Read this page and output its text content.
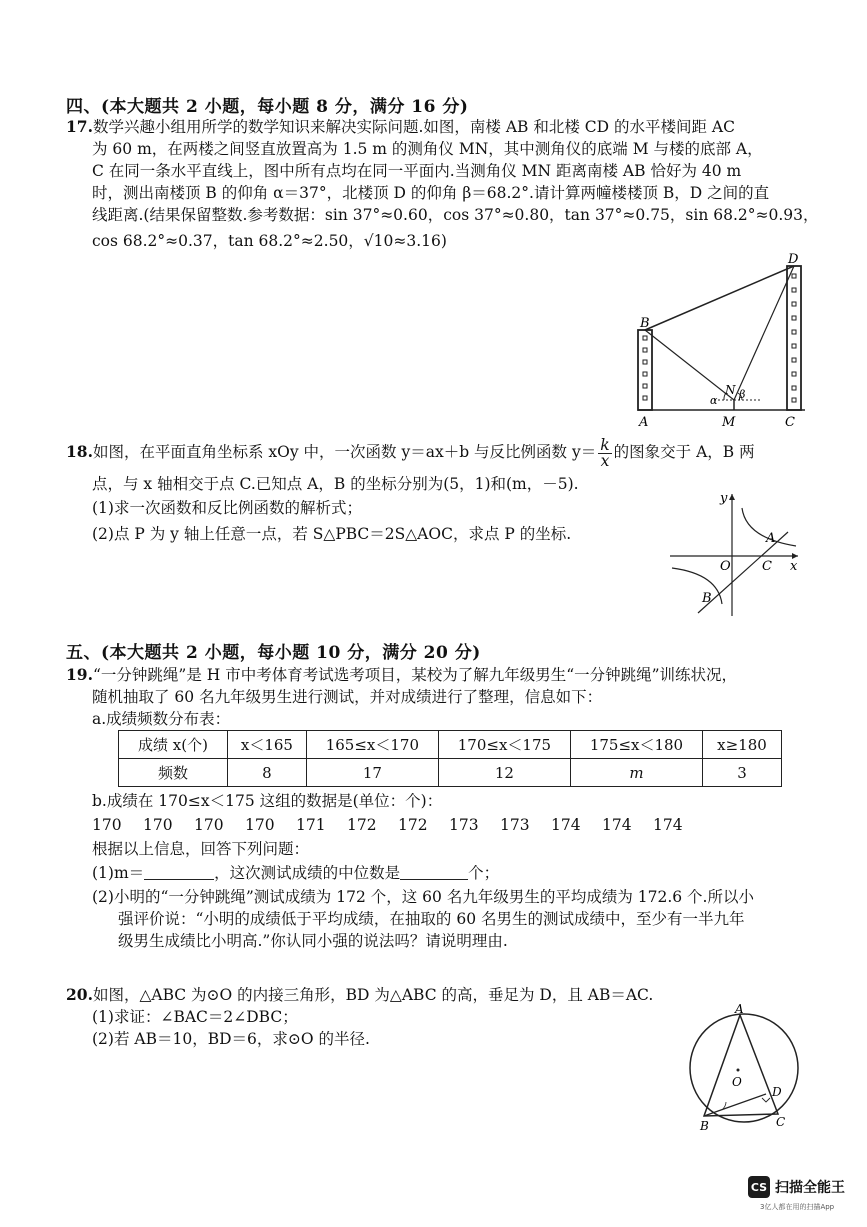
四、(本大题共 2 小题，每小题 8 分，满分 16 分)
17.数学兴趣小组用所学的数学知识来解决实际问题.如图，南楼 AB 和北楼 CD 的水平楼间距 AC
为 60 m，在两楼之间竖直放置高为 1.5 m 的测角仪 MN，其中测角仪的底端 M 与楼的底部 A，
C 在同一条水平直线上，图中所有点均在同一平面内.当测角仪 MN 距离南楼 AB 恰好为 40 m
时，测出南楼顶 B 的仰角 α＝37°，北楼顶 D 的仰角 β＝68.2°.请计算两幢楼楼顶 B，D 之间的直
线距离.(结果保留整数.参考数据：sin 37°≈0.60，cos 37°≈0.80，tan 37°≈0.75，sin 68.2°≈0.93，
cos 68.2°≈0.37，tan 68.2°≈2.50，√10≈3.16)
B
D
A	M	C
N
α β
18.如图，在平面直角坐标系 xOy 中，一次函数 y＝ax＋b 与反比例函数 $y= \frac{k}{x}$ 的图象交于 A，B 两
点，与 x 轴相交于点 C.已知点 A，B 的坐标分别为(5，1)和(m，－5).
(1)求一次函数和反比例函数的解析式；
(2)点 P 为 y 轴上任意一点，若 S△PBC＝2S△AOC，求点 P 的坐标.
y
x
O C
A
B
五、(本大题共 2 小题，每小题 10 分，满分 20 分)
19.“一分钟跳绳”是 H 市中考体育考试选考项目，某校为了解九年级男生“一分钟跳绳”训练状况，
随机抽取了 60 名九年级男生进行测试，并对成绩进行了整理，信息如下：
a.成绩频数分布表：
成绩 x(个)	x＜165	165≤x＜170	170≤x＜175	175≤x＜180	x≥180
频数	8	17	12	m	3
b.成绩在 170≤x＜175 这组的数据是(单位：个)：
170 170 170 170 171 172 172 173 173 174 174 174
根据以上信息，回答下列问题：
(1)m＝	，这次测试成绩的中位数是	个；
(2)小明的“一分钟跳绳”测试成绩为 172 个，这 60 名九年级男生的平均成绩为 172.6 个.所以小
强评价说：“小明的成绩低于平均成绩，在抽取的 60 名男生的测试成绩中，至少有一半九年
级男生成绩比小明高.”你认同小强的说法吗？请说明理由.
20.如图，△ABC 为⊙O 的内接三角形，BD 为△ABC 的高，垂足为 D，且 AB＝AC.
(1)求证：∠BAC＝2∠DBC；
(2)若 AB＝10，BD＝6，求⊙O 的半径.
A
O
D
B	C
CS 扫描全能王
3亿人都在用的扫描App
